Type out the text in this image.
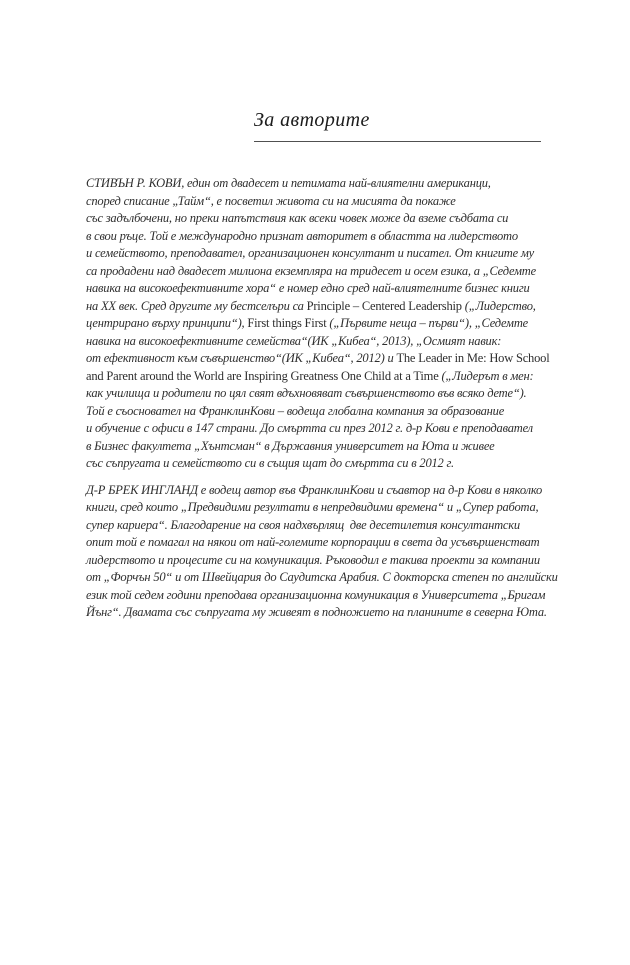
За авторите
СТИВЪН Р. КОВИ, един от двадесет и петимата най-влиятелни американци,
според списание „Тайм“, е посветил живота си на мисията да покаже
със задълбочени, но преки напътствия как всеки човек може да вземе съдбата си
в свои ръце. Той е международно признат авторитет в областта на лидерството
и семейството, преподавател, организационен консултант и писател. От книгите му
са продадени над двадесет милиона екземпляра на тридесет и осем езика, а „Седемте
навика на високоефективните хора“ е номер едно сред най-влиятелните бизнес книги
на ХХ век. Сред другите му бестселъри са Principle – Centered Leadership („Лидерство,
центрирано върху принципи“), First things First („Първите неща – първи“), „Седемте
навика на високоефективните семейства“(ИК „Кибеа“, 2013), „Осмият навик:
от ефективност към съвършенство“(ИК „Кибеа“, 2012) и The Leader in Me: How School
and Parent around the World are Inspiring Greatness One Child at a Time („Лидерът в мен:
как училища и родители по цял свят вдъхновяват съвършенството във всяко дете“).
Той е съосновател на ФранклинКови – водеща глобална компания за образование
и обучение с офиси в 147 страни. До смъртта си през 2012 г. д-р Кови е преподавател
в Бизнес факултета „Хънтсман“ в Държавния университет на Юта и живее
със съпругата и семейството си в същия щат до смъртта си в 2012 г.
Д-Р БРЕК ИНГЛАНД е водещ автор във ФранклинКови и съавтор на д-р Кови в няколко
книги, сред които „Предвидими резултати в непредвидими времена“ и „Супер работа,
супер кариера“. Благодарение на своя надхвърлящ  две десетилетия консултантски
опит той е помагал на някои от най-големите корпорации в света да усъвършенстват
лидерството и процесите си на комуникация. Ръководил е такива проекти за компании
от „Форчън 50“ и от Швейцария до Саудитска Арабия. С докторска степен по английски
език той седем години преподава организационна комуникация в Университета „Бригам
Йънг“. Двамата със съпругата му живеят в подножието на планините в северна Юта.
